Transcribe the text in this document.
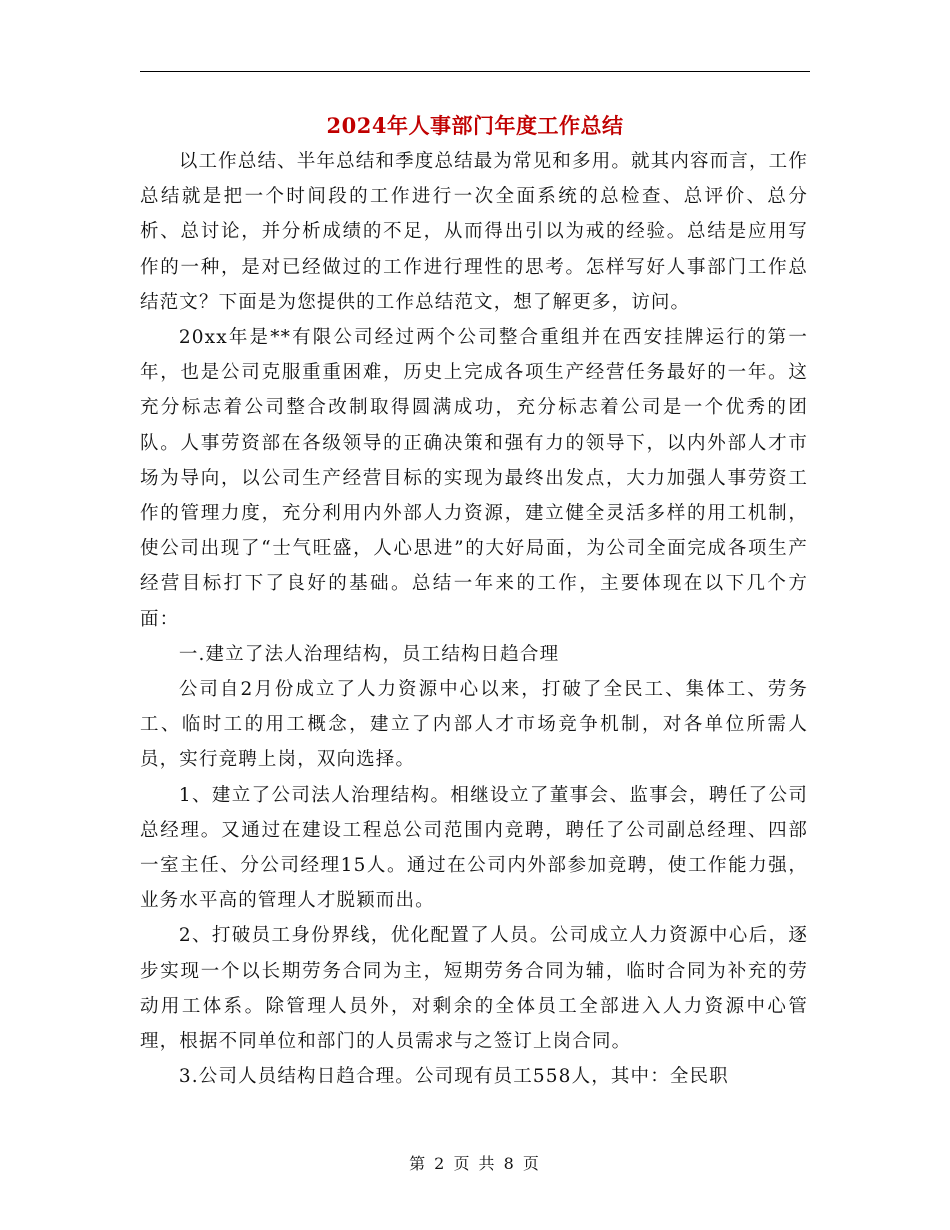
2024年人事部门年度工作总结

以工作总结、半年总结和季度总结最为常见和多用。就其内容而言，工作总结就是把一个时间段的工作进行一次全面系统的总检查、总评价、总分析、总讨论，并分析成绩的不足，从而得出引以为戒的经验。总结是应用写作的一种，是对已经做过的工作进行理性的思考。怎样写好人事部门工作总结范文？下面是为您提供的工作总结范文，想了解更多，访问。

20xx年是**有限公司经过两个公司整合重组并在西安挂牌运行的第一年，也是公司克服重重困难，历史上完成各项生产经营任务最好的一年。这充分标志着公司整合改制取得圆满成功，充分标志着公司是一个优秀的团队。人事劳资部在各级领导的正确决策和强有力的领导下，以内外部人才市场为导向，以公司生产经营目标的实现为最终出发点，大力加强人事劳资工作的管理力度，充分利用内外部人力资源，建立健全灵活多样的用工机制，使公司出现了“士气旺盛，人心思进”的大好局面，为公司全面完成各项生产经营目标打下了良好的基础。总结一年来的工作，主要体现在以下几个方面：

一.建立了法人治理结构，员工结构日趋合理

公司自2月份成立了人力资源中心以来，打破了全民工、集体工、劳务工、临时工的用工概念，建立了内部人才市场竞争机制，对各单位所需人员，实行竞聘上岗，双向选择。

1、建立了公司法人治理结构。相继设立了董事会、监事会，聘任了公司总经理。又通过在建设工程总公司范围内竞聘，聘任了公司副总经理、四部一室主任、分公司经理15人。通过在公司内外部参加竞聘，使工作能力强，业务水平高的管理人才脱颖而出。

2、打破员工身份界线，优化配置了人员。公司成立人力资源中心后，逐步实现一个以长期劳务合同为主，短期劳务合同为辅，临时合同为补充的劳动用工体系。除管理人员外，对剩余的全体员工全部进入人力资源中心管理，根据不同单位和部门的人员需求与之签订上岗合同。

3.公司人员结构日趋合理。公司现有员工558人，其中：全民职

第 2 页 共 8 页
